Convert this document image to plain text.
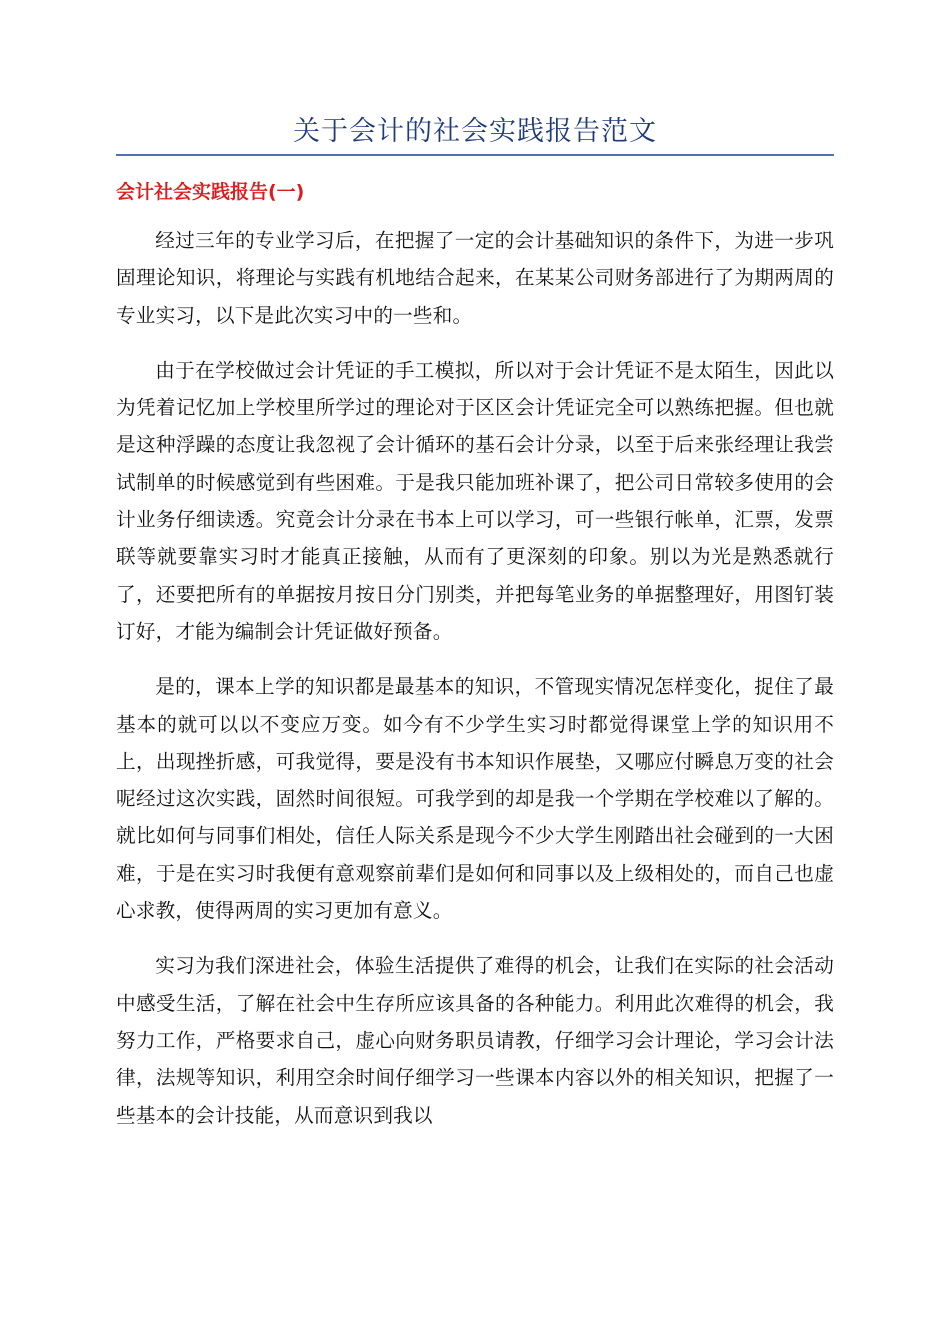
关于会计的社会实践报告范文
会计社会实践报告(一)

经过三年的专业学习后，在把握了一定的会计基础知识的条件下，为进一步巩固理论知识，将理论与实践有机地结合起来，在某某公司财务部进行了为期两周的专业实习，以下是此次实习中的一些和。

由于在学校做过会计凭证的手工模拟，所以对于会计凭证不是太陌生，因此以为凭着记忆加上学校里所学过的理论对于区区会计凭证完全可以熟练把握。但也就是这种浮躁的态度让我忽视了会计循环的基石会计分录，以至于后来张经理让我尝试制单的时候感觉到有些困难。于是我只能加班补课了，把公司日常较多使用的会计业务仔细读透。究竟会计分录在书本上可以学习，可一些银行帐单，汇票，发票联等就要靠实习时才能真正接触，从而有了更深刻的印象。别以为光是熟悉就行了，还要把所有的单据按月按日分门别类，并把每笔业务的单据整理好，用图钉装订好，才能为编制会计凭证做好预备。

是的，课本上学的知识都是最基本的知识，不管现实情况怎样变化，捉住了最基本的就可以以不变应万变。如今有不少学生实习时都觉得课堂上学的知识用不上，出现挫折感，可我觉得，要是没有书本知识作展垫，又哪应付瞬息万变的社会呢经过这次实践，固然时间很短。可我学到的却是我一个学期在学校难以了解的。就比如何与同事们相处，信任人际关系是现今不少大学生刚踏出社会碰到的一大困难，于是在实习时我便有意观察前辈们是如何和同事以及上级相处的，而自己也虚心求教，使得两周的实习更加有意义。

实习为我们深进社会，体验生活提供了难得的机会，让我们在实际的社会活动中感受生活，了解在社会中生存所应该具备的各种能力。利用此次难得的机会，我努力工作，严格要求自己，虚心向财务职员请教，仔细学习会计理论，学习会计法律，法规等知识，利用空余时间仔细学习一些课本内容以外的相关知识，把握了一些基本的会计技能，从而意识到我以
